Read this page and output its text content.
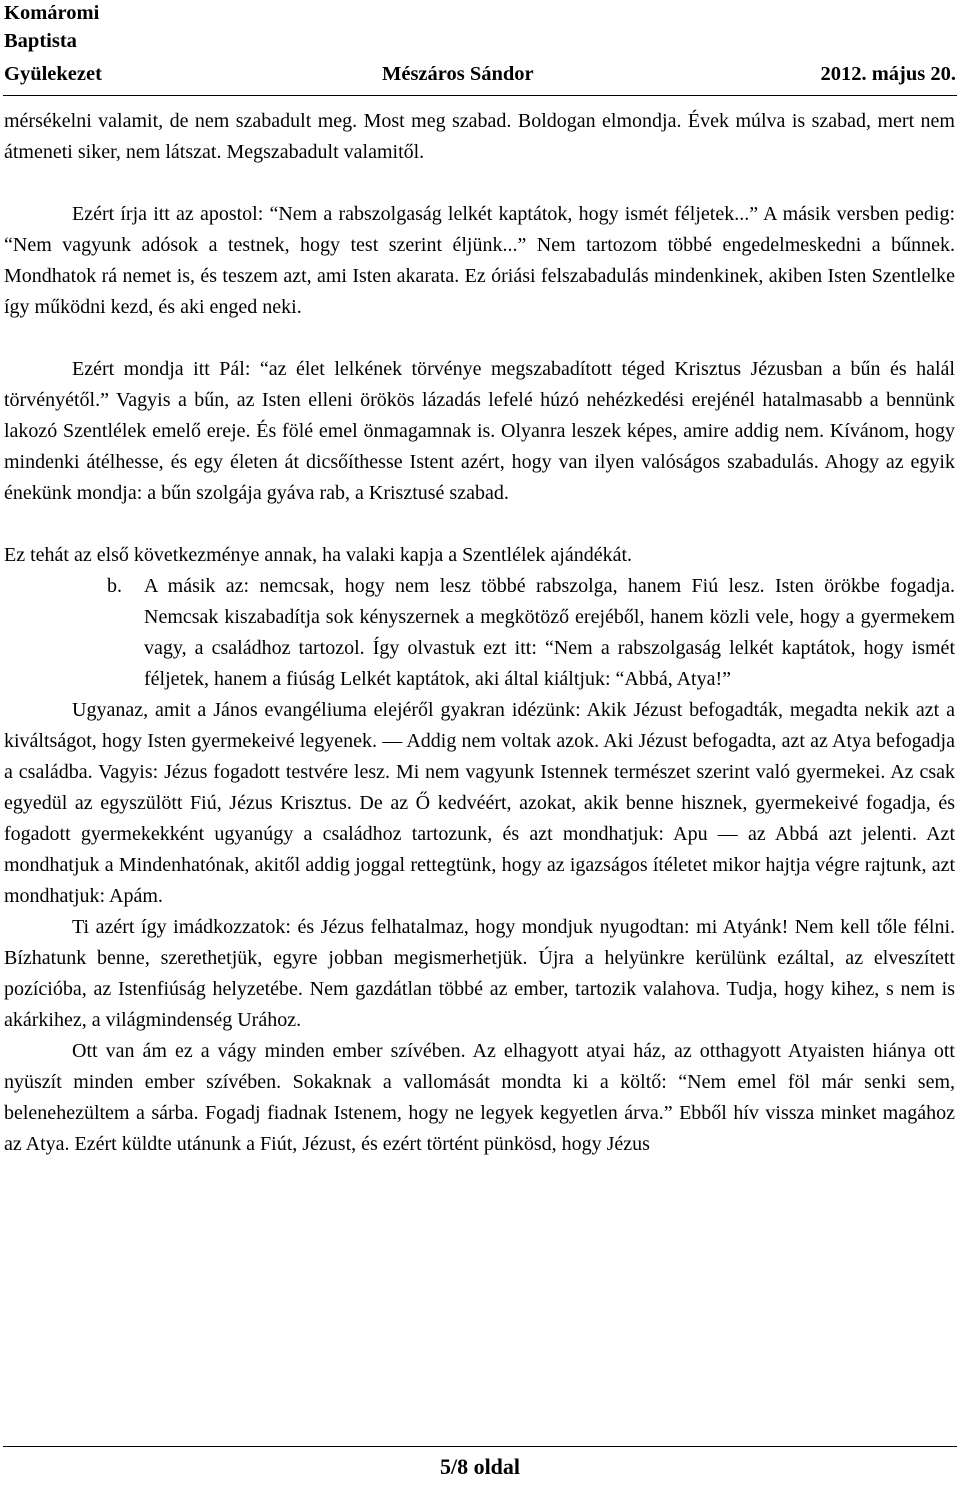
Komáromi
Baptista
Gyülekezet	Mészáros Sándor	2012. május 20.

mérsékelni valamit, de nem szabadult meg. Most meg szabad. Boldogan elmondja. Évek múlva is szabad, mert nem átmeneti siker, nem látszat. Megszabadult valamitől.

Ezért írja itt az apostol: “Nem a rabszolgaság lelkét kaptátok, hogy ismét féljetek...” A másik versben pedig: “Nem vagyunk adósok a testnek, hogy test szerint éljünk...” Nem tartozom többé engedelmeskedni a bűnnek. Mondhatok rá nemet is, és teszem azt, ami Isten akarata. Ez óriási felszabadulás mindenkinek, akiben Isten Szentlelke így működni kezd, és aki enged neki.

Ezért mondja itt Pál: “az élet lelkének törvénye megszabadított téged Krisztus Jézusban a bűn és halál törvényétől.” Vagyis a bűn, az Isten elleni örökös lázadás lefelé húzó nehézkedési erejénél hatalmasabb a bennünk lakozó Szentlélek emelő ereje. És fölé emel önmagamnak is. Olyanra leszek képes, amire addig nem. Kívánom, hogy mindenki átélhesse, és egy életen át dicsőíthesse Istent azért, hogy van ilyen valóságos szabadulás. Ahogy az egyik énekünk mondja: a bűn szolgája gyáva rab, a Krisztusé szabad.

Ez tehát az első következménye annak, ha valaki kapja a Szentlélek ajándékát.

b.	A másik az: nemcsak, hogy nem lesz többé rabszolga, hanem Fiú lesz. Isten örökbe fogadja. Nemcsak kiszabadítja sok kényszernek a megkötöző erejéből, hanem közli vele, hogy a gyermekem vagy, a családhoz tartozol. Így olvastuk ezt itt: “Nem a rabszolgaság lelkét kaptátok, hogy ismét féljetek, hanem a fiúság Lelkét kaptátok, aki által kiáltjuk: “Abbá, Atya!”

Ugyanaz, amit a János evangéliuma elejéről gyakran idézünk: Akik Jézust befogadták, megadta nekik azt a kiváltságot, hogy Isten gyermekeivé legyenek. — Addig nem voltak azok. Aki Jézust befogadta, azt az Atya befogadja a családba. Vagyis: Jézus fogadott testvére lesz. Mi nem vagyunk Istennek természet szerint való gyermekei. Az csak egyedül az egyszülött Fiú, Jézus Krisztus. De az Ő kedvéért, azokat, akik benne hisznek, gyermekeivé fogadja, és fogadott gyermekekként ugyanúgy a családhoz tartozunk, és azt mondhatjuk: Apu — az Abbá azt jelenti. Azt mondhatjuk a Mindenhatónak, akitől addig joggal rettegtünk, hogy az igazságos ítéletet mikor hajtja végre rajtunk, azt mondhatjuk: Apám.

Ti azért így imádkozzatok: és Jézus felhatalmaz, hogy mondjuk nyugodtan: mi Atyánk! Nem kell tőle félni. Bízhatunk benne, szerethetjük, egyre jobban megismerhetjük. Újra a helyünkre kerülünk ezáltal, az elveszített pozícióba, az Istenfiúság helyzetébe. Nem gazdátlan többé az ember, tartozik valahova. Tudja, hogy kihez, s nem is akárkihez, a világmindenség Urához.

Ott van ám ez a vágy minden ember szívében. Az elhagyott atyai ház, az otthagyott Atyaisten hiánya ott nyüszít minden ember szívében. Sokaknak a vallomását mondta ki a költő: “Nem emel föl már senki sem, belenehezültem a sárba. Fogadj fiadnak Istenem, hogy ne legyek kegyetlen árva.” Ebből hív vissza minket magához az Atya. Ezért küldte utánunk a Fiút, Jézust, és ezért történt pünkösd, hogy Jézus

5/8 oldal
